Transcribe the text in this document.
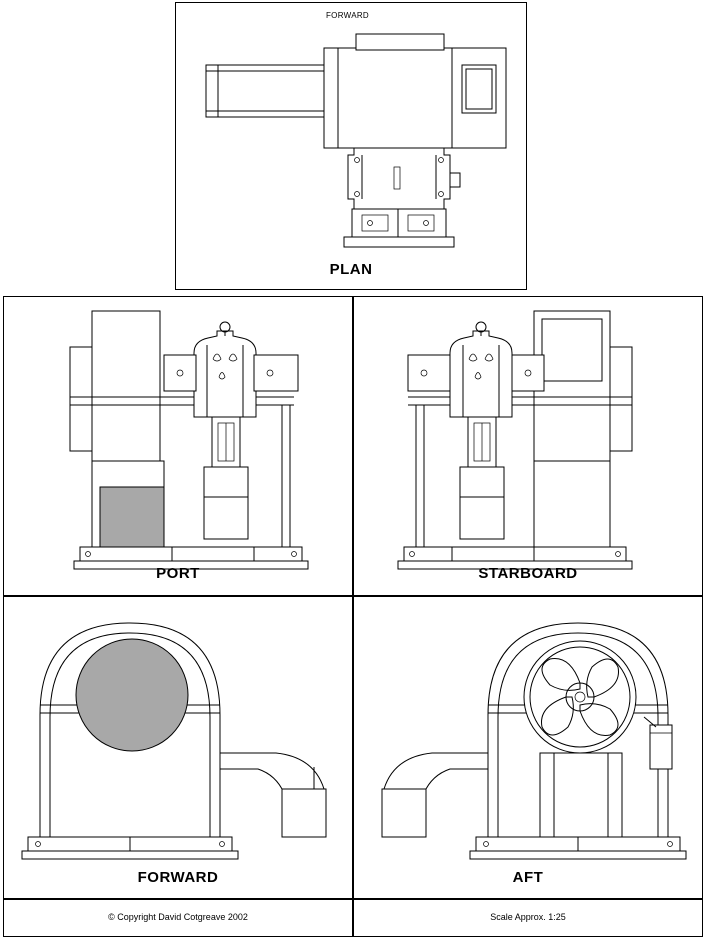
FORWARD
PLAN
PORT	STARBOARD
FORWARD	AFT
© Copyright David Cotgreave 2002	Scale Approx. 1:25
